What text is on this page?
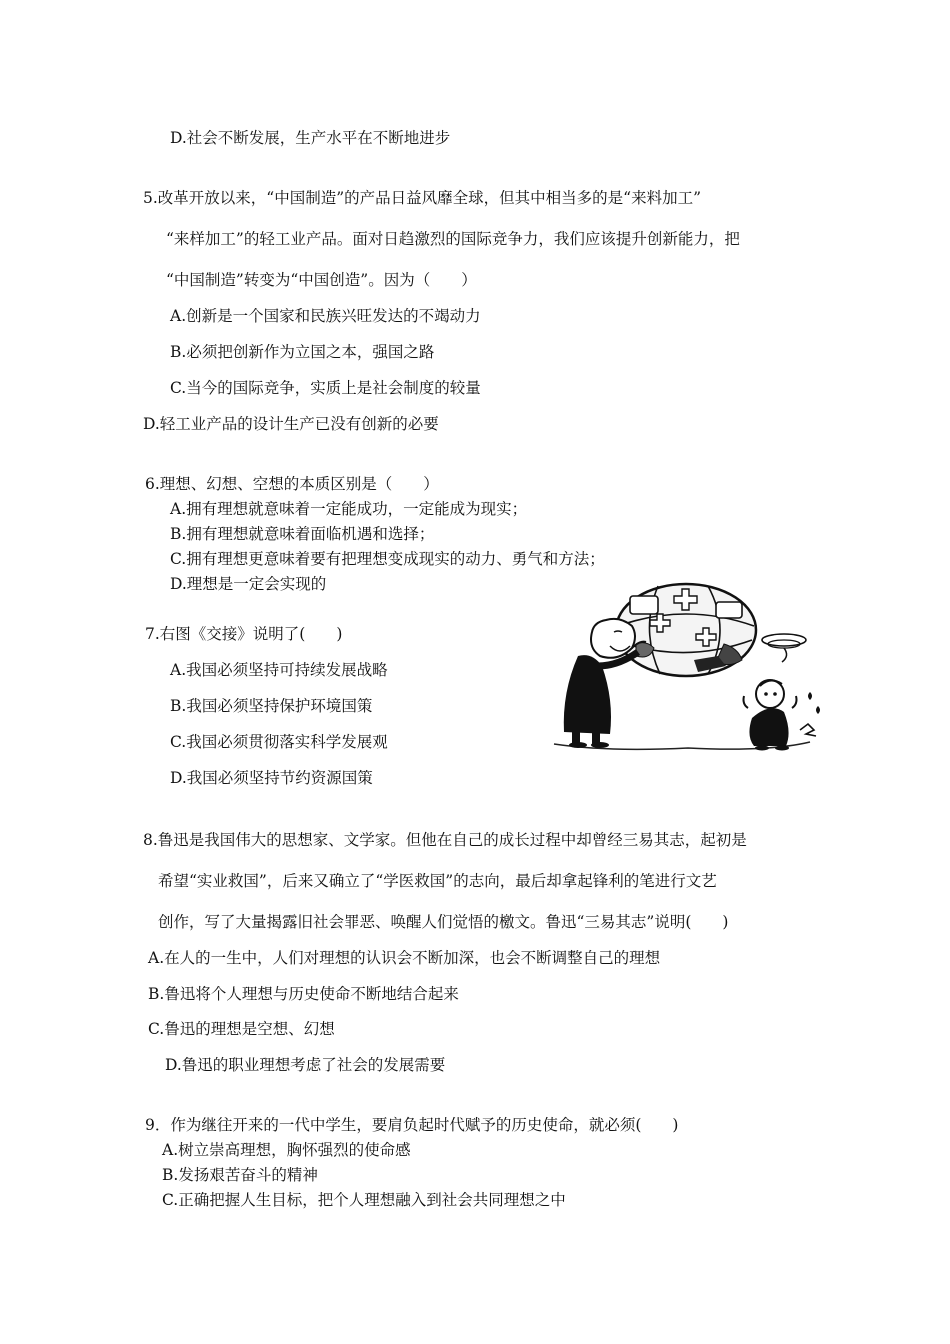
D.社会不断发展，生产水平在不断地进步
5.改革开放以来，“中国制造”的产品日益风靡全球，但其中相当多的是“来料加工”
“来样加工”的轻工业产品。面对日趋激烈的国际竞争力，我们应该提升创新能力，把
“中国制造”转变为“中国创造”。因为（　　）
A.创新是一个国家和民族兴旺发达的不竭动力
B.必须把创新作为立国之本，强国之路
C.当今的国际竞争，实质上是社会制度的较量
D.轻工业产品的设计生产已没有创新的必要
6.理想、幻想、空想的本质区别是（　　）
A.拥有理想就意味着一定能成功，一定能成为现实；
B.拥有理想就意味着面临机遇和选择；
C.拥有理想更意味着要有把理想变成现实的动力、勇气和方法；
D.理想是一定会实现的
7.右图《交接》说明了(　　)
A.我国必须坚持可持续发展战略
B.我国必须坚持保护环境国策
C.我国必须贯彻落实科学发展观
D.我国必须坚持节约资源国策
8.鲁迅是我国伟大的思想家、文学家。但他在自己的成长过程中却曾经三易其志，起初是
希望“实业救国”，后来又确立了“学医救国”的志向，最后却拿起锋利的笔进行文艺
创作，写了大量揭露旧社会罪恶、唤醒人们觉悟的檄文。鲁迅“三易其志”说明(　　)
A.在人的一生中，人们对理想的认识会不断加深，也会不断调整自己的理想
B.鲁迅将个人理想与历史使命不断地结合起来
C.鲁迅的理想是空想、幻想
D.鲁迅的职业理想考虑了社会的发展需要
9．作为继往开来的一代中学生，要肩负起时代赋予的历史使命，就必须(　　)
A.树立崇高理想，胸怀强烈的使命感
B.发扬艰苦奋斗的精神
C.正确把握人生目标，把个人理想融入到社会共同理想之中
